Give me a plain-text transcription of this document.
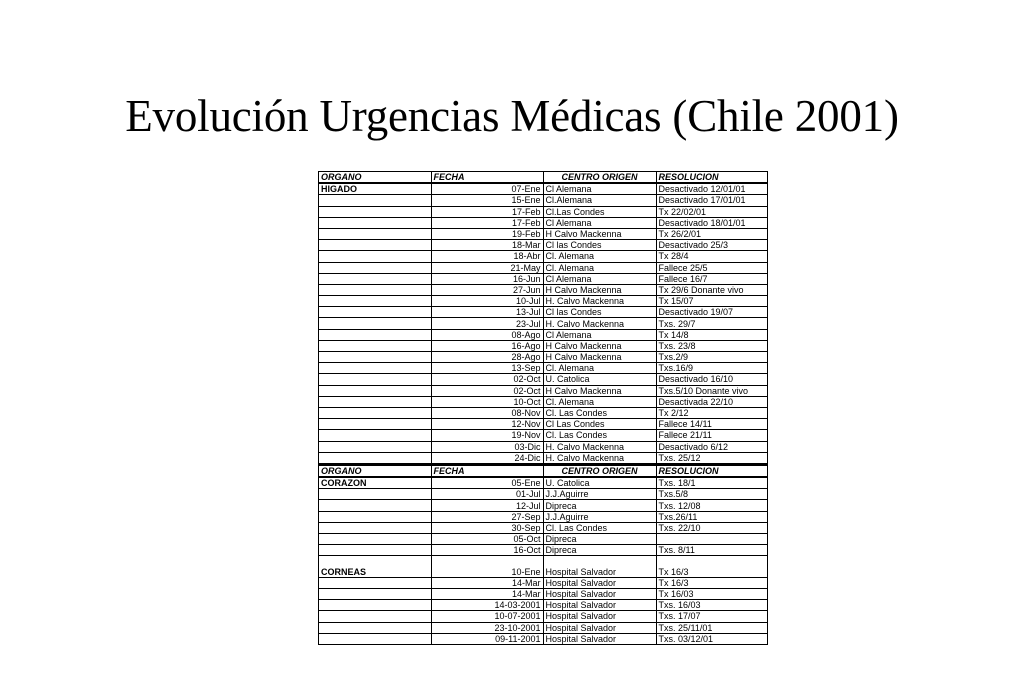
Evolución Urgencias Médicas (Chile 2001)
ORGANO	FECHA	CENTRO ORIGEN	RESOLUCION
HIGADO	07-Ene	Cl Alemana	Desactivado 12/01/01
	15-Ene	Cl.Alemana	Desactivado 17/01/01
	17-Feb	Cl.Las Condes	Tx 22/02/01
	17-Feb	Cl Alemana	Desactivado 18/01/01
	19-Feb	H Calvo Mackenna	Tx 26/2/01
	18-Mar	Cl las Condes	Desactivado 25/3
	18-Abr	Cl. Alemana	Tx 28/4
	21-May	Cl. Alemana	Fallece 25/5
	16-Jun	Cl Alemana	Fallece 16/7
	27-Jun	H Calvo Mackenna	Tx 29/6 Donante vivo
	10-Jul	H. Calvo Mackenna	Tx 15/07
	13-Jul	Cl las Condes	Desactivado 19/07
	23-Jul	H. Calvo Mackenna	Txs. 29/7
	08-Ago	Cl Alemana	Tx 14/8
	16-Ago	H Calvo Mackenna	Txs. 23/8
	28-Ago	H Calvo Mackenna	Txs.2/9
	13-Sep	Cl. Alemana	Txs.16/9
	02-Oct	U. Catolica	Desactivado 16/10
	02-Oct	H Calvo Mackenna	Txs.5/10 Donante vivo
	10-Oct	Cl. Alemana	Desactivada 22/10
	08-Nov	Cl. Las Condes	Tx 2/12
	12-Nov	Cl Las Condes	Fallece 14/11
	19-Nov	Cl. Las Condes	Fallece 21/11
	03-Dic	H. Calvo Mackenna	Desactivado 6/12
	24-Dic	H. Calvo Mackenna	Txs. 25/12
ORGANO	FECHA	CENTRO ORIGEN	RESOLUCION
CORAZON	05-Ene	U. Catolica	Txs. 18/1
	01-Jul	J.J.Aguirre	Txs.5/8
	12-Jul	Dipreca	Txs. 12/08
	27-Sep	J.J.Aguirre	Txs.26/11
	30-Sep	Cl. Las Condes	Txs. 22/10
	05-Oct	Dipreca	
	16-Oct	Dipreca	Txs. 8/11

CORNEAS	10-Ene	Hospital Salvador	Tx 16/3
	14-Mar	Hospital Salvador	Tx 16/3
	14-Mar	Hospital Salvador	Tx 16/03
	14-03-2001	Hospital Salvador	Txs. 16/03
	10-07-2001	Hospital Salvador	Txs. 17/07
	23-10-2001	Hospital Salvador	Txs. 25/11/01
	09-11-2001	Hospital Salvador	Txs. 03/12/01
